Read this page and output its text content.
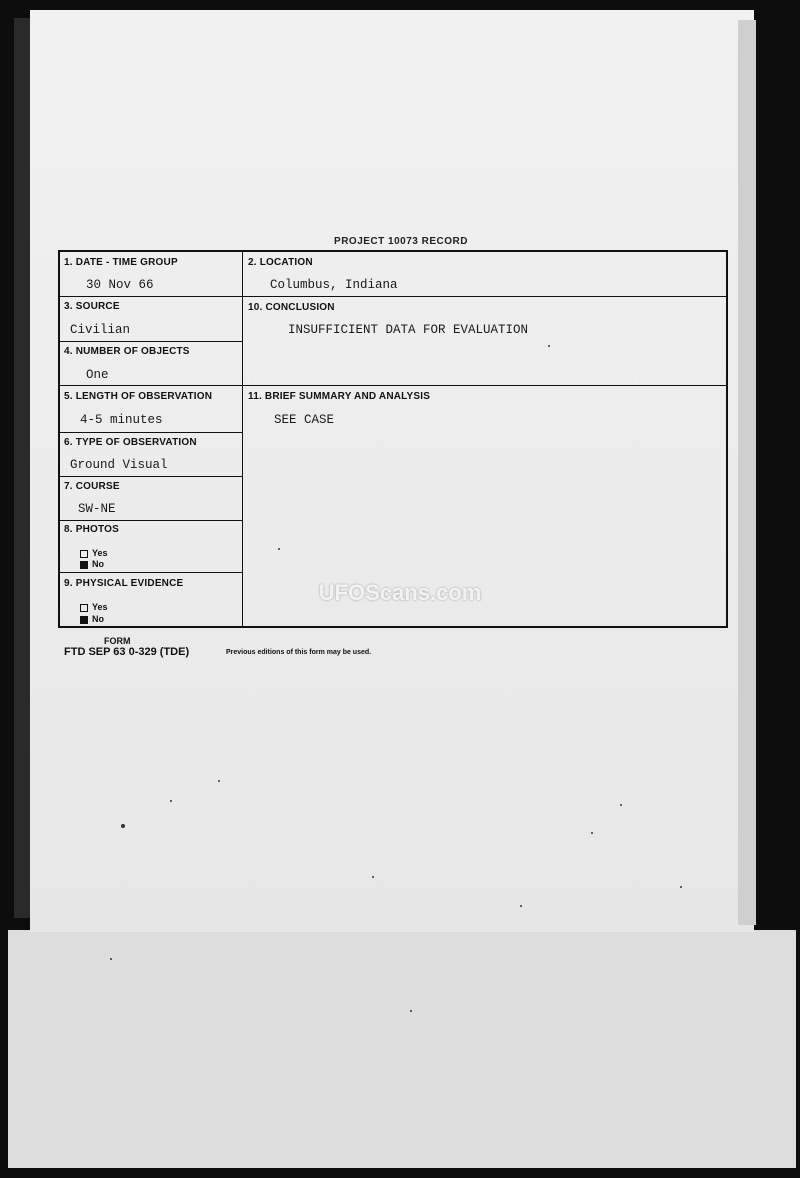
PROJECT 10073 RECORD
1. DATE - TIME GROUP
30 Nov 66
2. LOCATION
Columbus, Indiana
3. SOURCE
Civilian
10. CONCLUSION
INSUFFICIENT DATA FOR EVALUATION
4. NUMBER OF OBJECTS
One
5. LENGTH OF OBSERVATION
4-5 minutes
11. BRIEF SUMMARY AND ANALYSIS
SEE CASE
6. TYPE OF OBSERVATION
Ground Visual
7. COURSE
SW-NE
8. PHOTOS
Yes
No
9. PHYSICAL EVIDENCE
Yes
No
FORM
FTD SEP 63 0-329 (TDE)	Previous editions of this form may be used.
UFOScans.com
